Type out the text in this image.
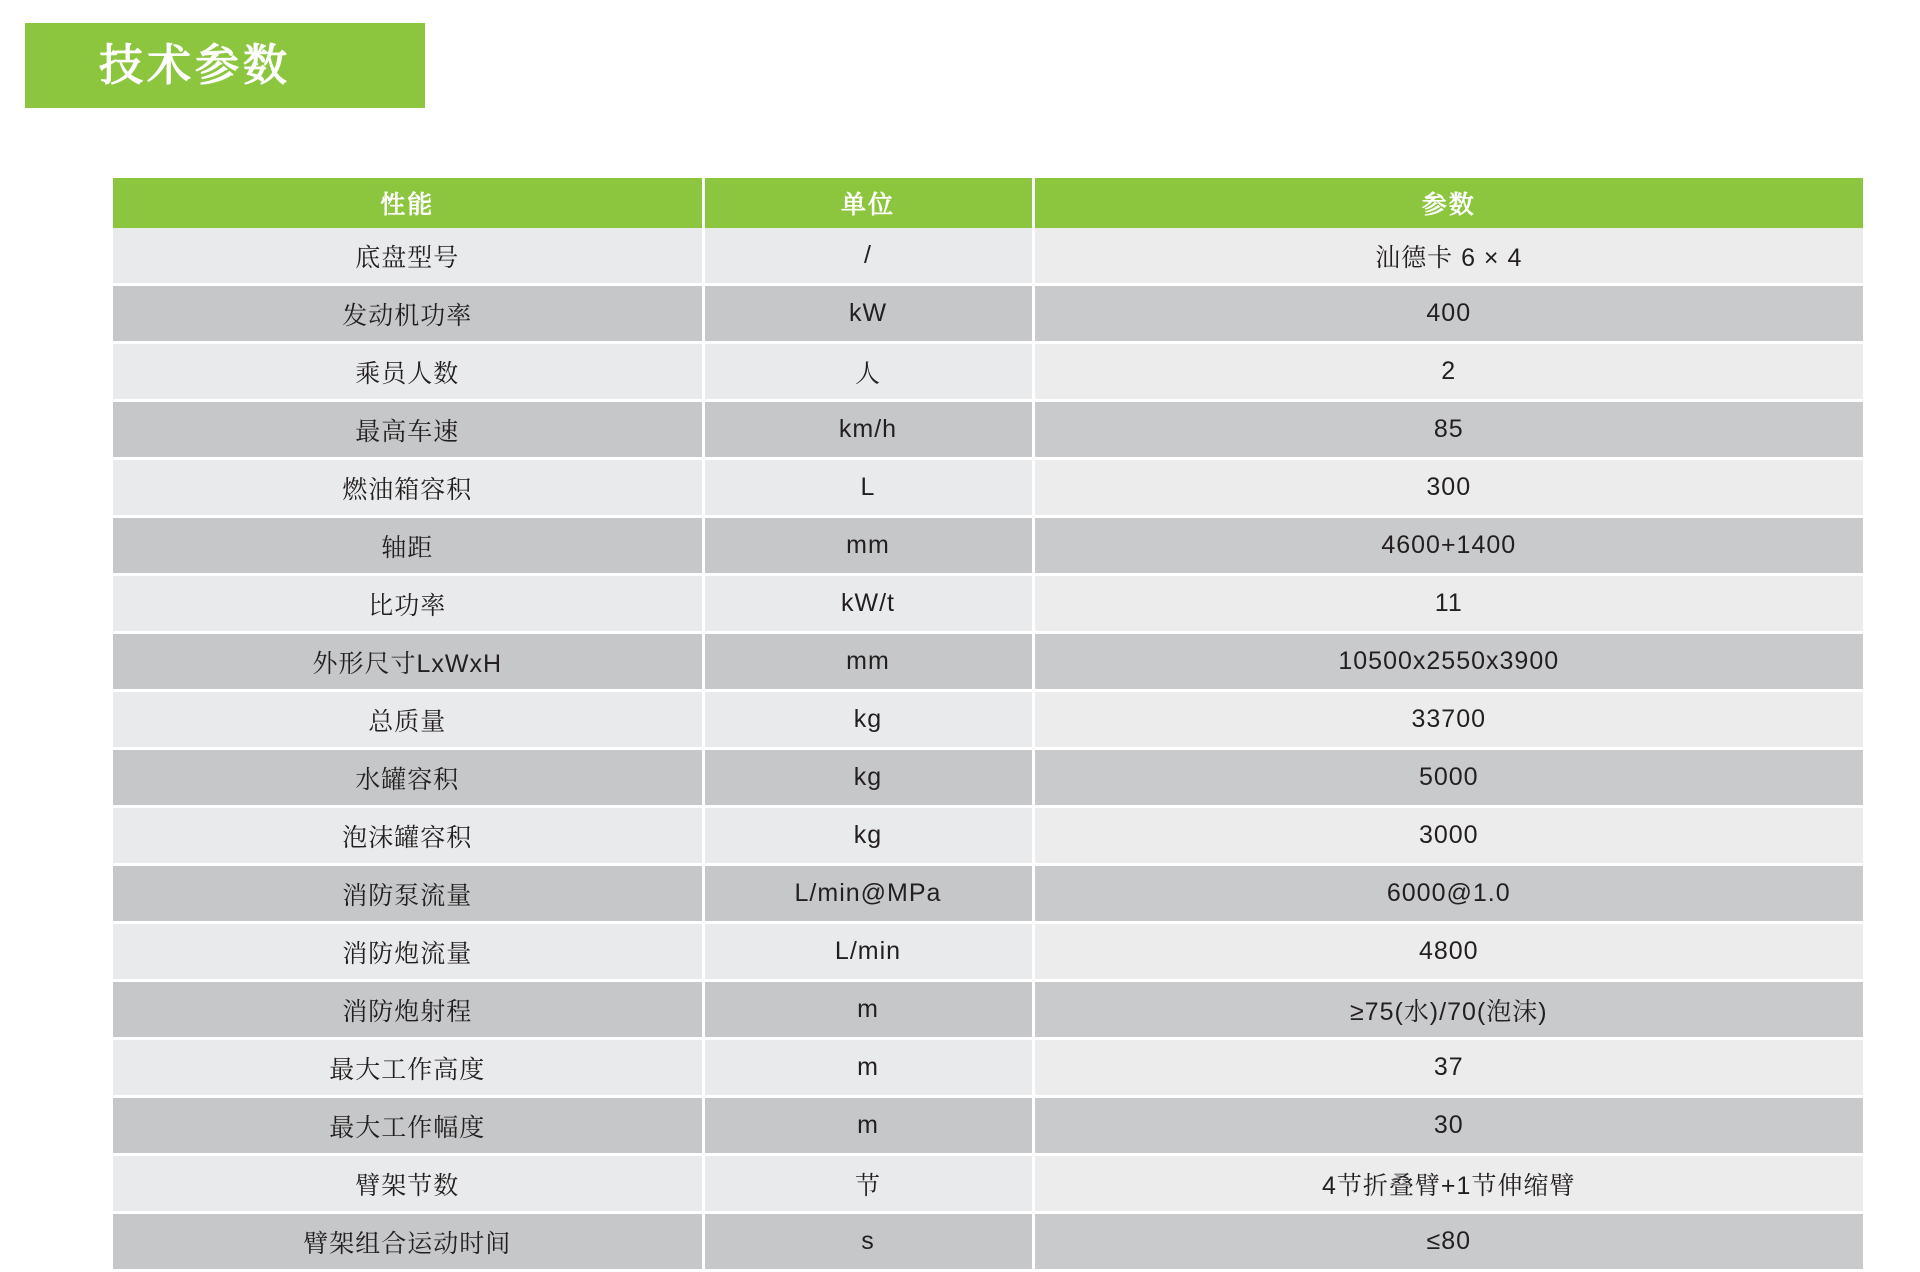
技术参数
性能	单位	参数
底盘型号	/	汕德卡 6 × 4
发动机功率	kW	400
乘员人数	人	2
最高车速	km/h	85
燃油箱容积	L	300
轴距	mm	4600+1400
比功率	kW/t	11
外形尺寸LxWxH	mm	10500x2550x3900
总质量	kg	33700
水罐容积	kg	5000
泡沫罐容积	kg	3000
消防泵流量	L/min@MPa	6000@1.0
消防炮流量	L/min	4800
消防炮射程	m	≥75(水)/70(泡沫)
最大工作高度	m	37
最大工作幅度	m	30
臂架节数	节	4节折叠臂+1节伸缩臂
臂架组合运动时间	s	≤80
